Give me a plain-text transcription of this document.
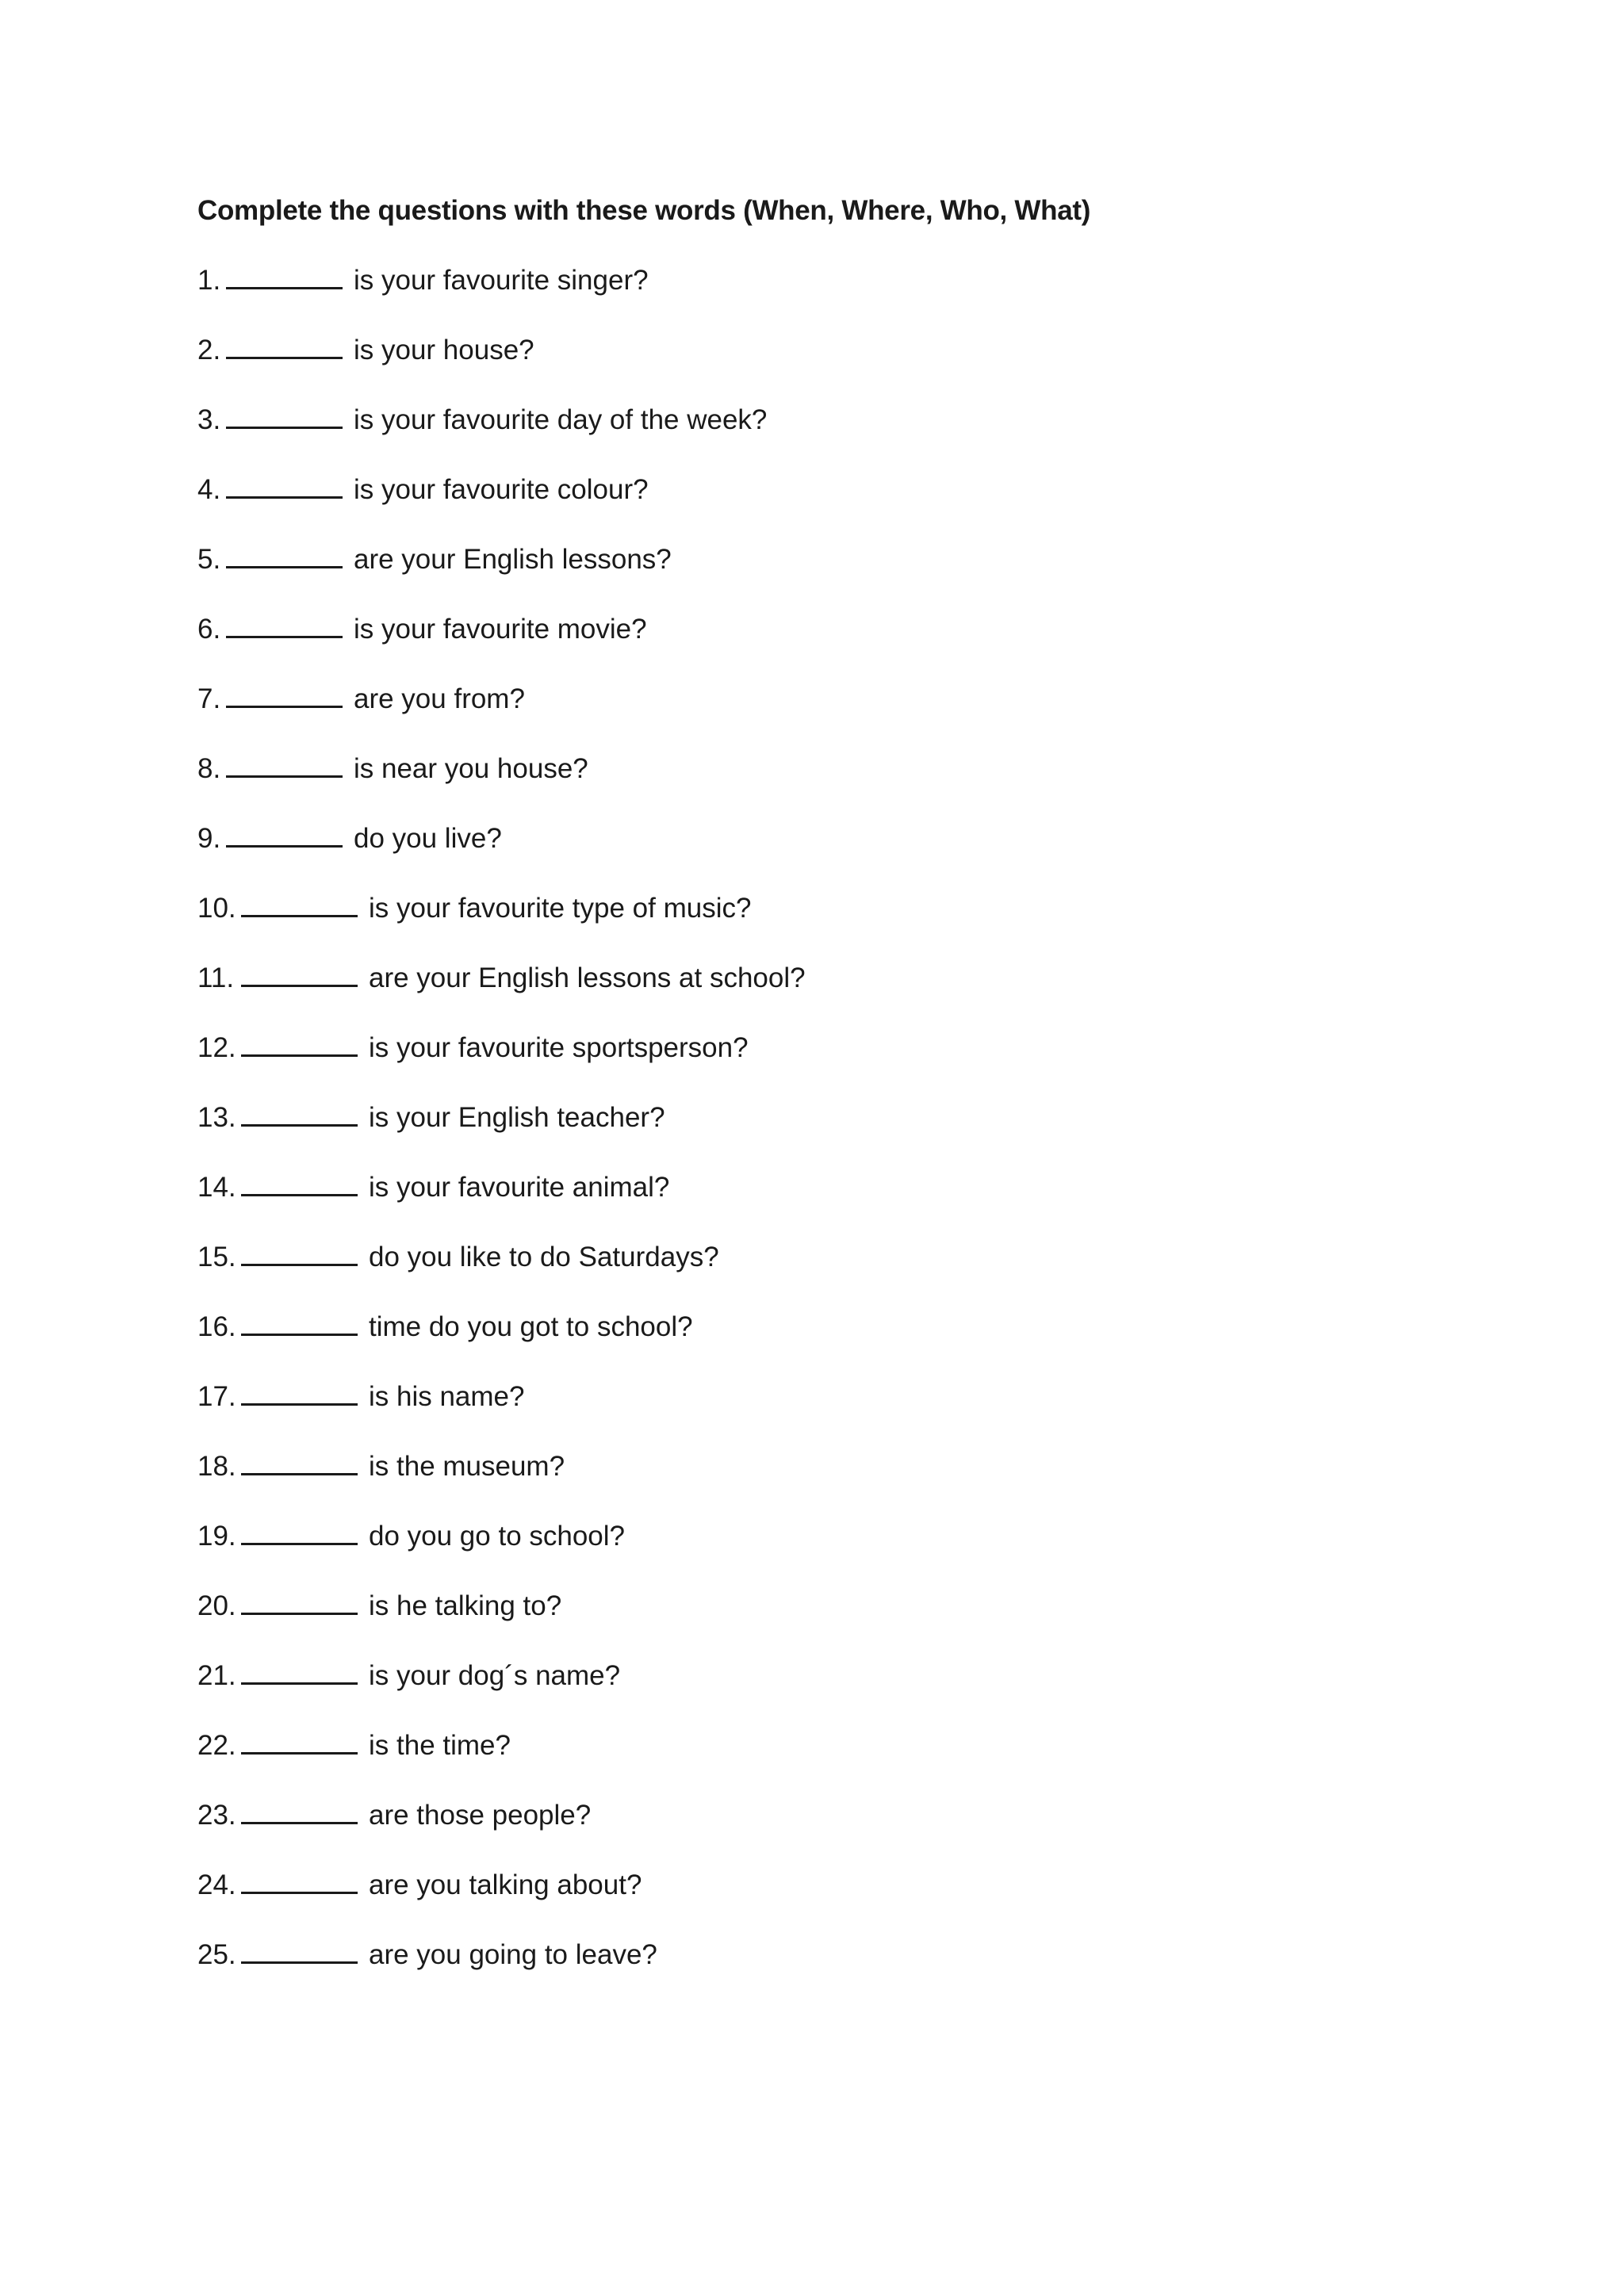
Complete the questions with these words (When, Where, Who, What)
1.	is your favourite singer?
2.	is your house?
3.	is your favourite day of the week?
4.	is your favourite colour?
5.	are your English lessons?
6.	is your favourite movie?
7.	are you from?
8.	is near you house?
9.	do you live?
10.	is your favourite type of music?
11.	are your English lessons at school?
12.	is your favourite sportsperson?
13.	is your English teacher?
14.	is your favourite animal?
15.	do you like to do Saturdays?
16.	time do you got to school?
17.	is his name?
18.	is the museum?
19.	do you go to school?
20.	is he talking to?
21.	is your dog´s name?
22.	is the time?
23.	are those people?
24.	are you talking about?
25.	are you going to leave?
